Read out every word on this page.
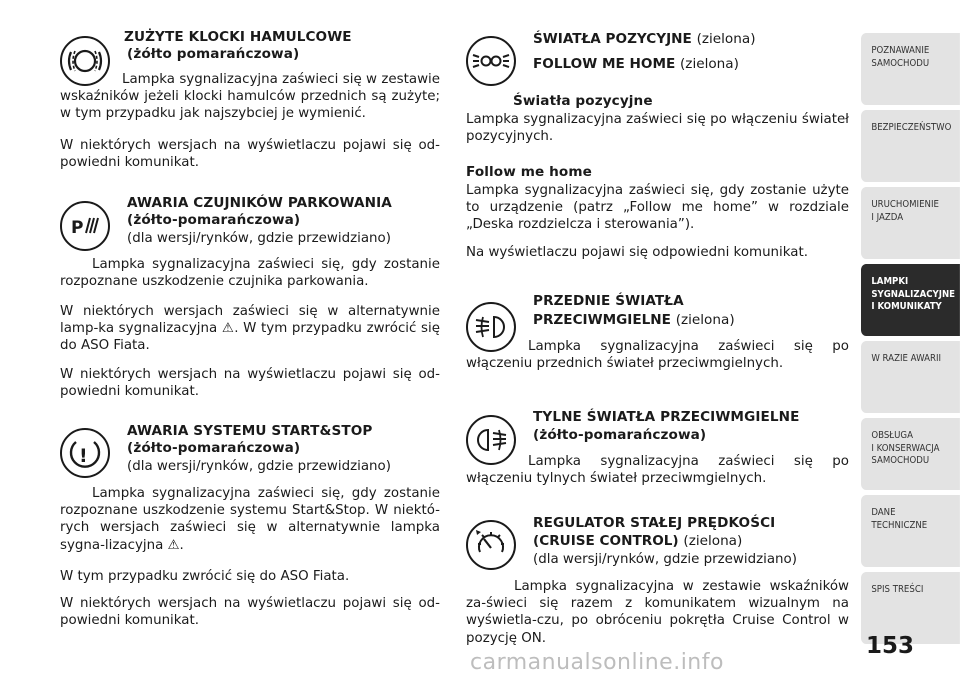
ZUŻYTE KLOCKI HAMULCOWE
(żółto pomarańczowa)
Lampka sygnalizacyjna zaświeci się w zestawie wskaźników jeżeli klocki hamulców przednich są zużyte; w tym przypadku jak najszybciej je wymienić.
W niektórych wersjach na wyświetlaczu pojawi się od-powiedni komunikat.
P
AWARIA CZUJNIKÓW PARKOWANIA
(żółto-pomarańczowa)
(dla wersji/rynków, gdzie przewidziano)
Lampka sygnalizacyjna zaświeci się, gdy zostanie rozpoznane uszkodzenie czujnika parkowania.
W niektórych wersjach zaświeci się w alternatywnie lamp-ka sygnalizacyjna ⚠. W tym przypadku zwrócić się do ASO Fiata.
W niektórych wersjach na wyświetlaczu pojawi się od-powiedni komunikat.
!
AWARIA SYSTEMU START&STOP
(żółto-pomarańczowa)
(dla wersji/rynków, gdzie przewidziano)
Lampka sygnalizacyjna zaświeci się, gdy zostanie rozpoznane uszkodzenie systemu Start&Stop. W niektó-rych wersjach zaświeci się w alternatywnie lampka sygna-lizacyjna ⚠.
W tym przypadku zwrócić się do ASO Fiata.
W niektórych wersjach na wyświetlaczu pojawi się od-powiedni komunikat.
ŚWIATŁA POZYCYJNE (zielona)
FOLLOW ME HOME (zielona)
Światła pozycyjne
Lampka sygnalizacyjna zaświeci się po włączeniu świateł pozycyjnych.
Follow me home
Lampka sygnalizacyjna zaświeci się, gdy zostanie użyte to urządzenie (patrz „Follow me home” w rozdziale „Deska rozdzielcza i sterowania”).
Na wyświetlaczu pojawi się odpowiedni komunikat.
PRZEDNIE ŚWIATŁA
PRZECIWMGIELNE (zielona)
Lampka sygnalizacyjna zaświeci się po włączeniu przednich świateł przeciwmgielnych.
TYLNE ŚWIATŁA PRZECIWMGIELNE
(żółto-pomarańczowa)
Lampka sygnalizacyjna zaświeci się po włączeniu tylnych świateł przeciwmgielnych.
REGULATOR STAŁEJ PRĘDKOŚCI
(CRUISE CONTROL) (zielona)
(dla wersji/rynków, gdzie przewidziano)
Lampka sygnalizacyjna w zestawie wskaźników za-świeci się razem z komunikatem wizualnym na wyświetla-czu, po obróceniu pokrętła Cruise Control w pozycję ON.
POZNAWANIE
SAMOCHODU
BEZPIECZEŃSTWO
URUCHOMIENIE
I JAZDA
LAMPKI
SYGNALIZACYJNE
I KOMUNIKATY
W RAZIE AWARII
OBSŁUGA
I KONSERWACJA
SAMOCHODU
DANE
TECHNICZNE
SPIS TREŚCI
153
carmanualsonline.info
